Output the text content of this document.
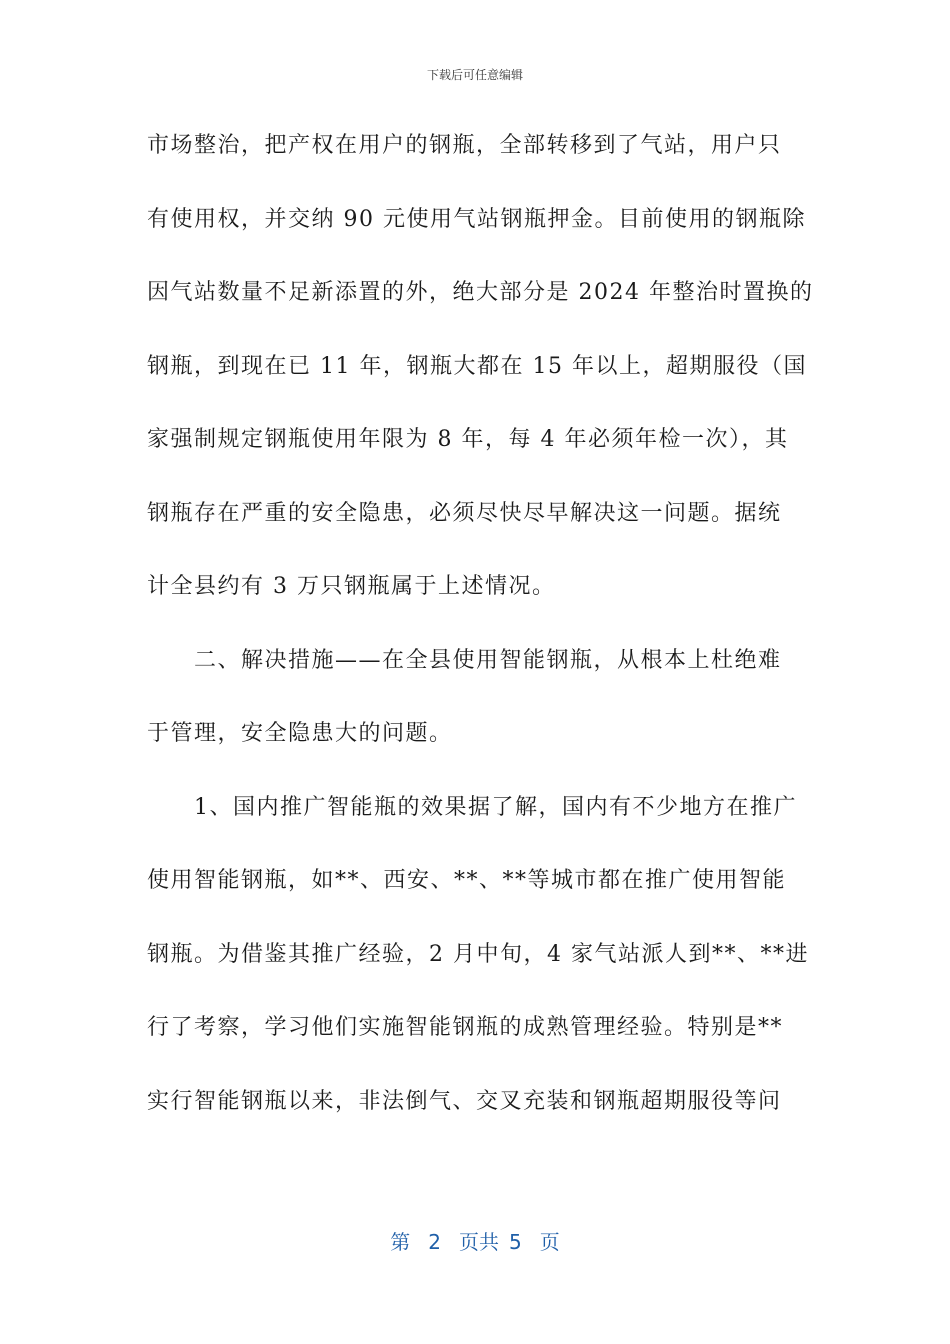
下载后可任意编辑
市场整治，把产权在用户的钢瓶，全部转移到了气站，用户只
有使用权，并交纳 90 元使用气站钢瓶押金。目前使用的钢瓶除
因气站数量不足新添置的外，绝大部分是 2024 年整治时置换的
钢瓶，到现在已 11 年，钢瓶大都在 15 年以上，超期服役（国
家强制规定钢瓶使用年限为 8 年，每 4 年必须年检一次），其
钢瓶存在严重的安全隐患，必须尽快尽早解决这一问题。据统
计全县约有 3 万只钢瓶属于上述情况。
　　二、解决措施——在全县使用智能钢瓶，从根本上杜绝难
于管理，安全隐患大的问题。
　　1、国内推广智能瓶的效果据了解，国内有不少地方在推广
使用智能钢瓶，如**、西安、**、**等城市都在推广使用智能
钢瓶。为借鉴其推广经验，2 月中旬，4 家气站派人到**、**进
行了考察，学习他们实施智能钢瓶的成熟管理经验。特别是**
实行智能钢瓶以来，非法倒气、交叉充装和钢瓶超期服役等问
第 2 页共 5 页
